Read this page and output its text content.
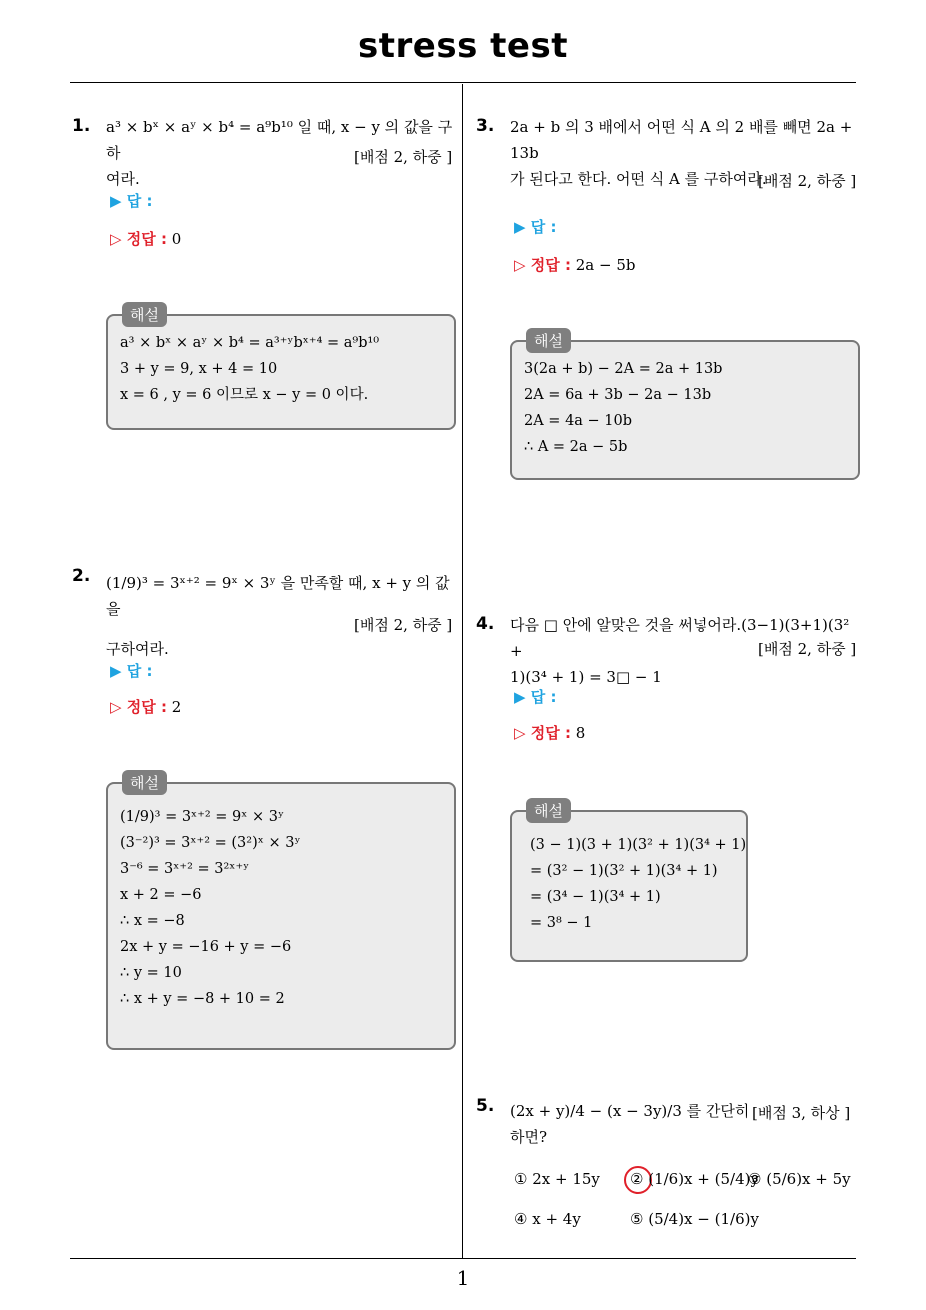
stress test
1
1. a³ × bˣ × aʸ × b⁴ = a⁹b¹⁰ 일 때, x − y 의 값을 구하
여라.
[배점 2, 하중 ]
▶ 답 :
▷ 정답 : 0
해설
a³ × bˣ × aʸ × b⁴ = a³⁺ʸbˣ⁺⁴ = a⁹b¹⁰
3 + y = 9, x + 4 = 10
x = 6 , y = 6 이므로 x − y = 0 이다.
2. (1/9)³ = 3ˣ⁺² = 9ˣ × 3ʸ 을 만족할 때, x + y 의 값을
구하여라.
[배점 2, 하중 ]
▶ 답 :
▷ 정답 : 2
해설
(1/9)³ = 3ˣ⁺² = 9ˣ × 3ʸ
(3⁻²)³ = 3ˣ⁺² = (3²)ˣ × 3ʸ
3⁻⁶ = 3ˣ⁺² = 3²ˣ⁺ʸ
x + 2 = −6
∴ x = −8
2x + y = −16 + y = −6
∴ y = 10
∴ x + y = −8 + 10 = 2
3. 2a + b 의 3 배에서 어떤 식 A 의 2 배를 빼면 2a + 13b
가 된다고 한다. 어떤 식 A 를 구하여라.
[배점 2, 하중 ]
▶ 답 :
▷ 정답 : 2a − 5b
해설
3(2a + b) − 2A = 2a + 13b
2A = 6a + 3b − 2a − 13b
2A = 4a − 10b
∴ A = 2a − 5b
4. 다음 □ 안에 알맞은 것을 써넣어라.(3−1)(3+1)(3² +
1)(3⁴ + 1) = 3□ − 1
[배점 2, 하중 ]
▶ 답 :
▷ 정답 : 8
해설
(3 − 1)(3 + 1)(3² + 1)(3⁴ + 1)
= (3² − 1)(3² + 1)(3⁴ + 1)
= (3⁴ − 1)(3⁴ + 1)
= 3⁸ − 1
5. (2x + y)/4 − (x − 3y)/3 를 간단히 하면?
[배점 3, 하상 ]
① 2x + 15y ② (1/6)x + (5/4)y
③ (5/6)x + 5y
④ x + 4y	⑤ (5/4)x − (1/6)y
